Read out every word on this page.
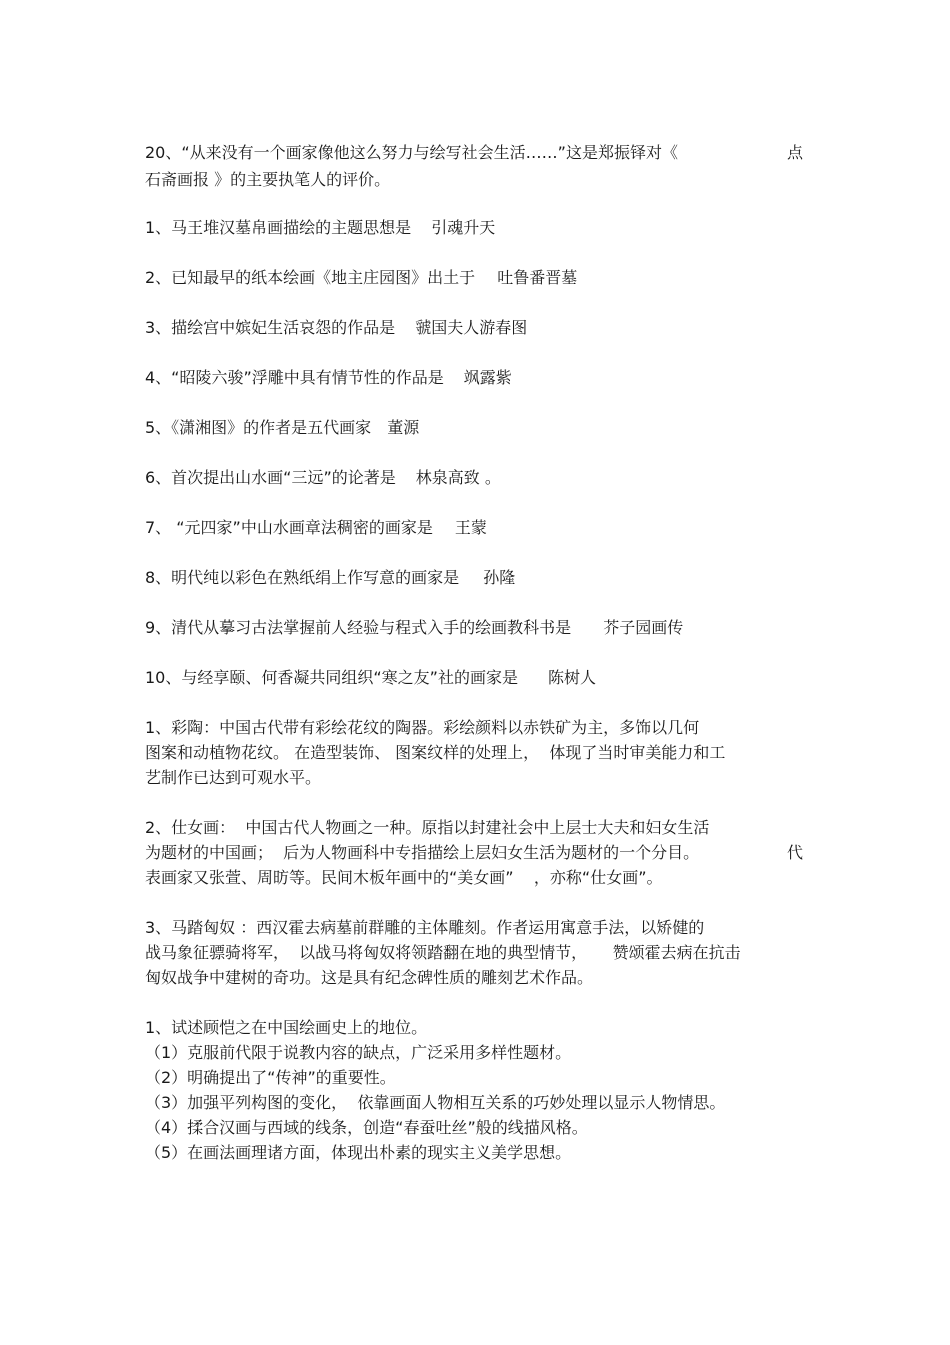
20、“从来没有一个画家像他这么努力与绘写社会生活……”这是郑振铎对《	点
石斋画报 》的主要执笔人的评价。
1、马王堆汉墓帛画描绘的主题思想是 引魂升天
2、已知最早的纸本绘画《地主庄园图》出土于 吐鲁番晋墓
3、描绘宫中嫔妃生活哀怨的作品是 虢国夫人游春图
4、“昭陵六骏”浮雕中具有情节性的作品是 飒露紫
5、《潇湘图》的作者是五代画家 董源
6、首次提出山水画“三远”的论著是 林泉高致 。
7、 “元四家”中山水画章法稠密的画家是 王蒙
8、明代纯以彩色在熟纸绢上作写意的画家是 孙隆
9、清代从摹习古法掌握前人经验与程式入手的绘画教科书是 芥子园画传
10、与经享颐、何香凝共同组织“寒之友”社的画家是 陈树人
1、彩陶：中国古代带有彩绘花纹的陶器。彩绘颜料以赤铁矿为主，多饰以几何
图案和动植物花纹。 在造型装饰、 图案纹样的处理上，  体现了当时审美能力和工
艺制作已达到可观水平。
2、仕女画：  中国古代人物画之一种。原指以封建社会中上层士大夫和妇女生活
为题材的中国画；  后为人物画科中专指描绘上层妇女生活为题材的一个分目。	代
表画家又张萱、周昉等。民间木板年画中的“美女画”    ，亦称“仕女画”。
3、马踏匈奴 ：西汉霍去病墓前群雕的主体雕刻。作者运用寓意手法，以矫健的
战马象征骠骑将军，  以战马将匈奴将领踏翻在地的典型情节，     赞颂霍去病在抗击
匈奴战争中建树的奇功。这是具有纪念碑性质的雕刻艺术作品。
1、试述顾恺之在中国绘画史上的地位。
（1）克服前代限于说教内容的缺点，广泛采用多样性题材。
（2）明确提出了“传神”的重要性。
（3）加强平列构图的变化，  依靠画面人物相互关系的巧妙处理以显示人物情思。
（4）揉合汉画与西域的线条，创造“春蚕吐丝”般的线描风格。
（5）在画法画理诸方面，体现出朴素的现实主义美学思想。
